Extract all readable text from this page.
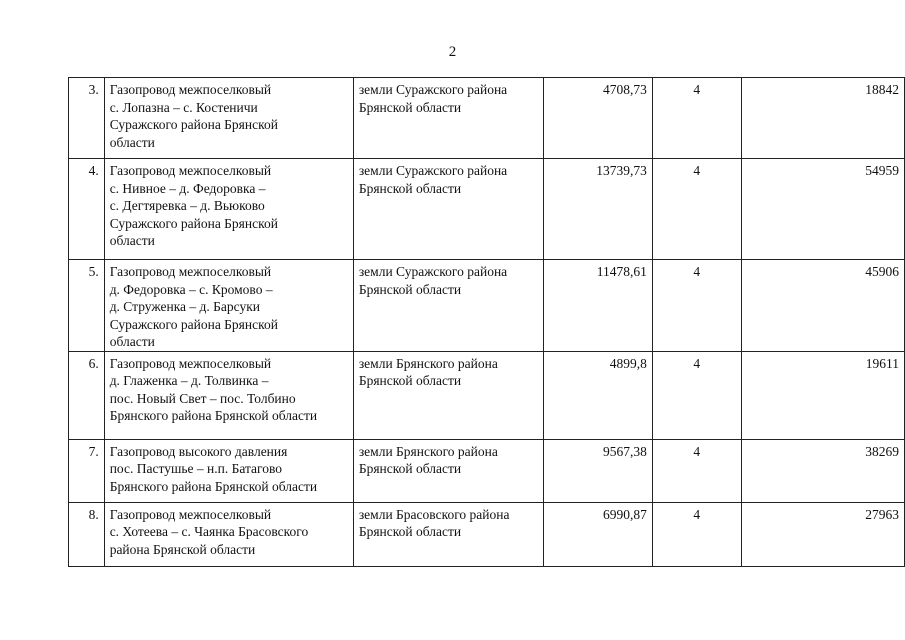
2
3.	Газопровод межпоселковый
с. Лопазна – с. Костеничи
Суражского района Брянской
области	земли Суражского района
Брянской области	4708,73	4	18842
4.	Газопровод межпоселковый
с. Нивное – д. Федоровка –
с. Дегтяревка – д. Вьюково
Суражского района Брянской
области	земли Суражского района
Брянской области	13739,73	4	54959
5.	Газопровод межпоселковый
д. Федоровка – с. Кромово –
д. Струженка – д. Барсуки
Суражского района Брянской
области	земли Суражского района
Брянской области	11478,61	4	45906
6.	Газопровод межпоселковый
д. Глаженка – д. Толвинка –
пос. Новый Свет – пос. Толбино
Брянского района Брянской области	земли Брянского района
Брянской области	4899,8	4	19611
7.	Газопровод высокого давления
пос. Пастушье – н.п. Батагово
Брянского района Брянской области	земли Брянского района
Брянской области	9567,38	4	38269
8.	Газопровод межпоселковый
с. Хотеева – с. Чаянка Брасовского
района Брянской области	земли Брасовского района
Брянской области	6990,87	4	27963
